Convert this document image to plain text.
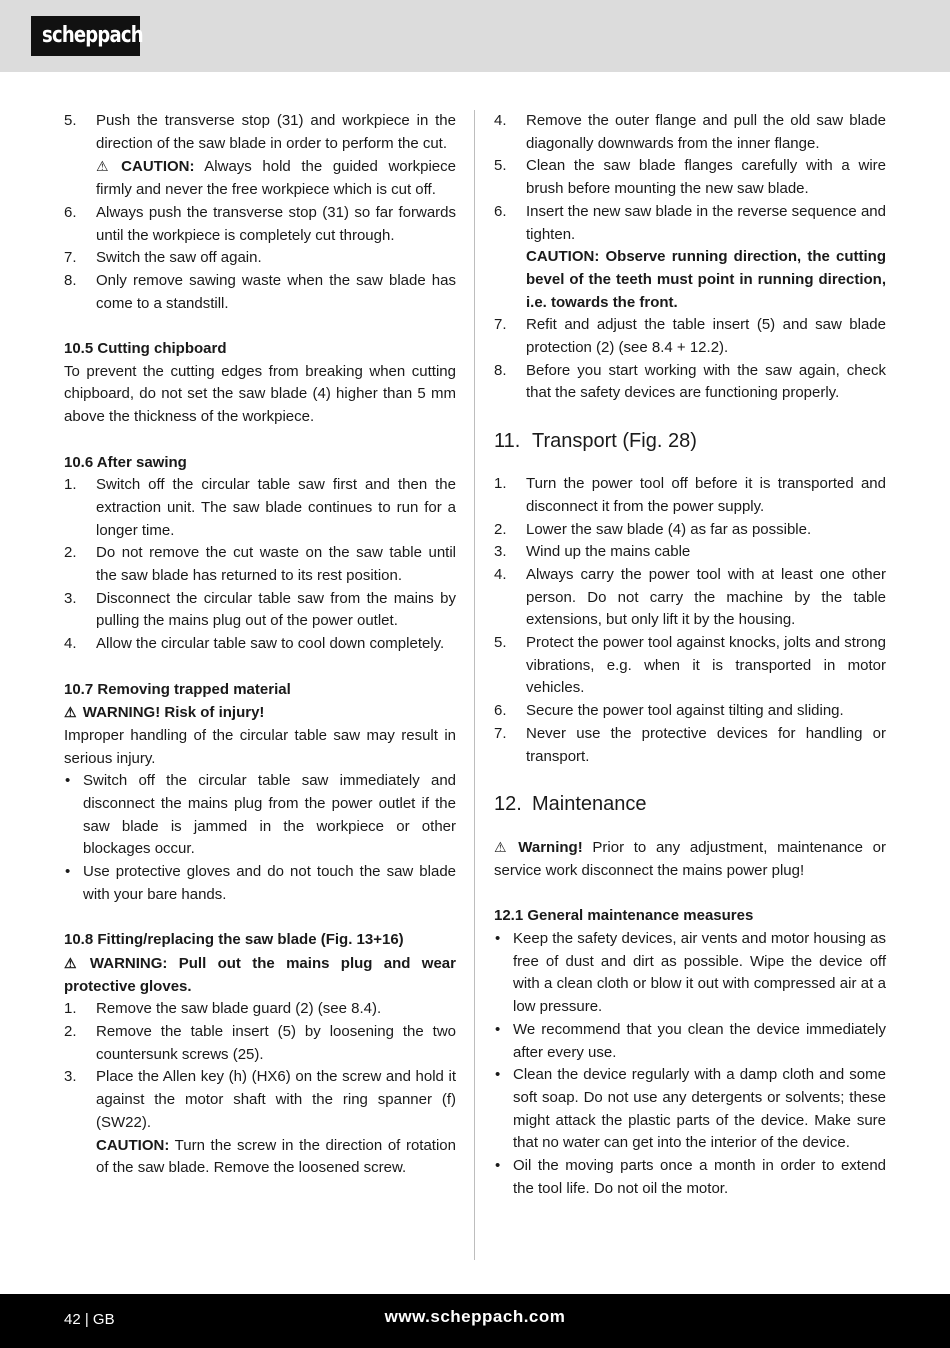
scheppach
5. Push the transverse stop (31) and workpiece in the direction of the saw blade in order to perform the cut.
⚠ CAUTION: Always hold the guided workpiece firmly and never the free workpiece which is cut off.
6. Always push the transverse stop (31) so far forwards until the workpiece is completely cut through.
7. Switch the saw off again.
8. Only remove sawing waste when the saw blade has come to a standstill.

10.5 Cutting chipboard

To prevent the cutting edges from breaking when cutting chipboard, do not set the saw blade (4) higher than 5 mm above the thickness of the workpiece.

10.6 After sawing

1. Switch off the circular table saw first and then the extraction unit. The saw blade continues to run for a longer time.
2. Do not remove the cut waste on the saw table until the saw blade has returned to its rest position.
3. Disconnect the circular table saw from the mains by pulling the mains plug out of the power outlet.
4. Allow the circular table saw to cool down completely.

10.7 Removing trapped material

⚠ WARNING! Risk of injury!

Improper handling of the circular table saw may result in serious injury.

• Switch off the circular table saw immediately and disconnect the mains plug from the power outlet if the saw blade is jammed in the workpiece or other blockages occur.
• Use protective gloves and do not touch the saw blade with your bare hands.

10.8 Fitting/replacing the saw blade (Fig. 13+16)

⚠ WARNING: Pull out the mains plug and wear protective gloves.

1. Remove the saw blade guard (2) (see 8.4).
2. Remove the table insert (5) by loosening the two countersunk screws (25).
3. Place the Allen key (h) (HX6) on the screw and hold it against the motor shaft with the ring spanner (f) (SW22).
CAUTION: Turn the screw in the direction of rotation of the saw blade. Remove the loosened screw.
4. Remove the outer flange and pull the old saw blade diagonally downwards from the inner flange.
5. Clean the saw blade flanges carefully with a wire brush before mounting the new saw blade.
6. Insert the new saw blade in the reverse sequence and tighten.
CAUTION: Observe running direction, the cutting bevel of the teeth must point in running direction, i.e. towards the front.
7. Refit and adjust the table insert (5) and saw blade protection (2) (see 8.4 + 12.2).
8. Before you start working with the saw again, check that the safety devices are functioning properly.

11. Transport (Fig. 28)

1. Turn the power tool off before it is transported and disconnect it from the power supply.
2. Lower the saw blade (4) as far as possible.
3. Wind up the mains cable
4. Always carry the power tool with at least one other person. Do not carry the machine by the table extensions, but only lift it by the housing.
5. Protect the power tool against knocks, jolts and strong vibrations, e.g. when it is transported in motor vehicles.
6. Secure the power tool against tilting and sliding.
7. Never use the protective devices for handling or transport.

12. Maintenance

⚠ Warning! Prior to any adjustment, maintenance or service work disconnect the mains power plug!

12.1 General maintenance measures

• Keep the safety devices, air vents and motor housing as free of dust and dirt as possible. Wipe the device off with a clean cloth or blow it out with compressed air at a low pressure.
• We recommend that you clean the device immediately after every use.
• Clean the device regularly with a damp cloth and some soft soap. Do not use any detergents or solvents; these might attack the plastic parts of the device. Make sure that no water can get into the interior of the device.
• Oil the moving parts once a month in order to extend the tool life. Do not oil the motor.
42 | GB	www.scheppach.com
